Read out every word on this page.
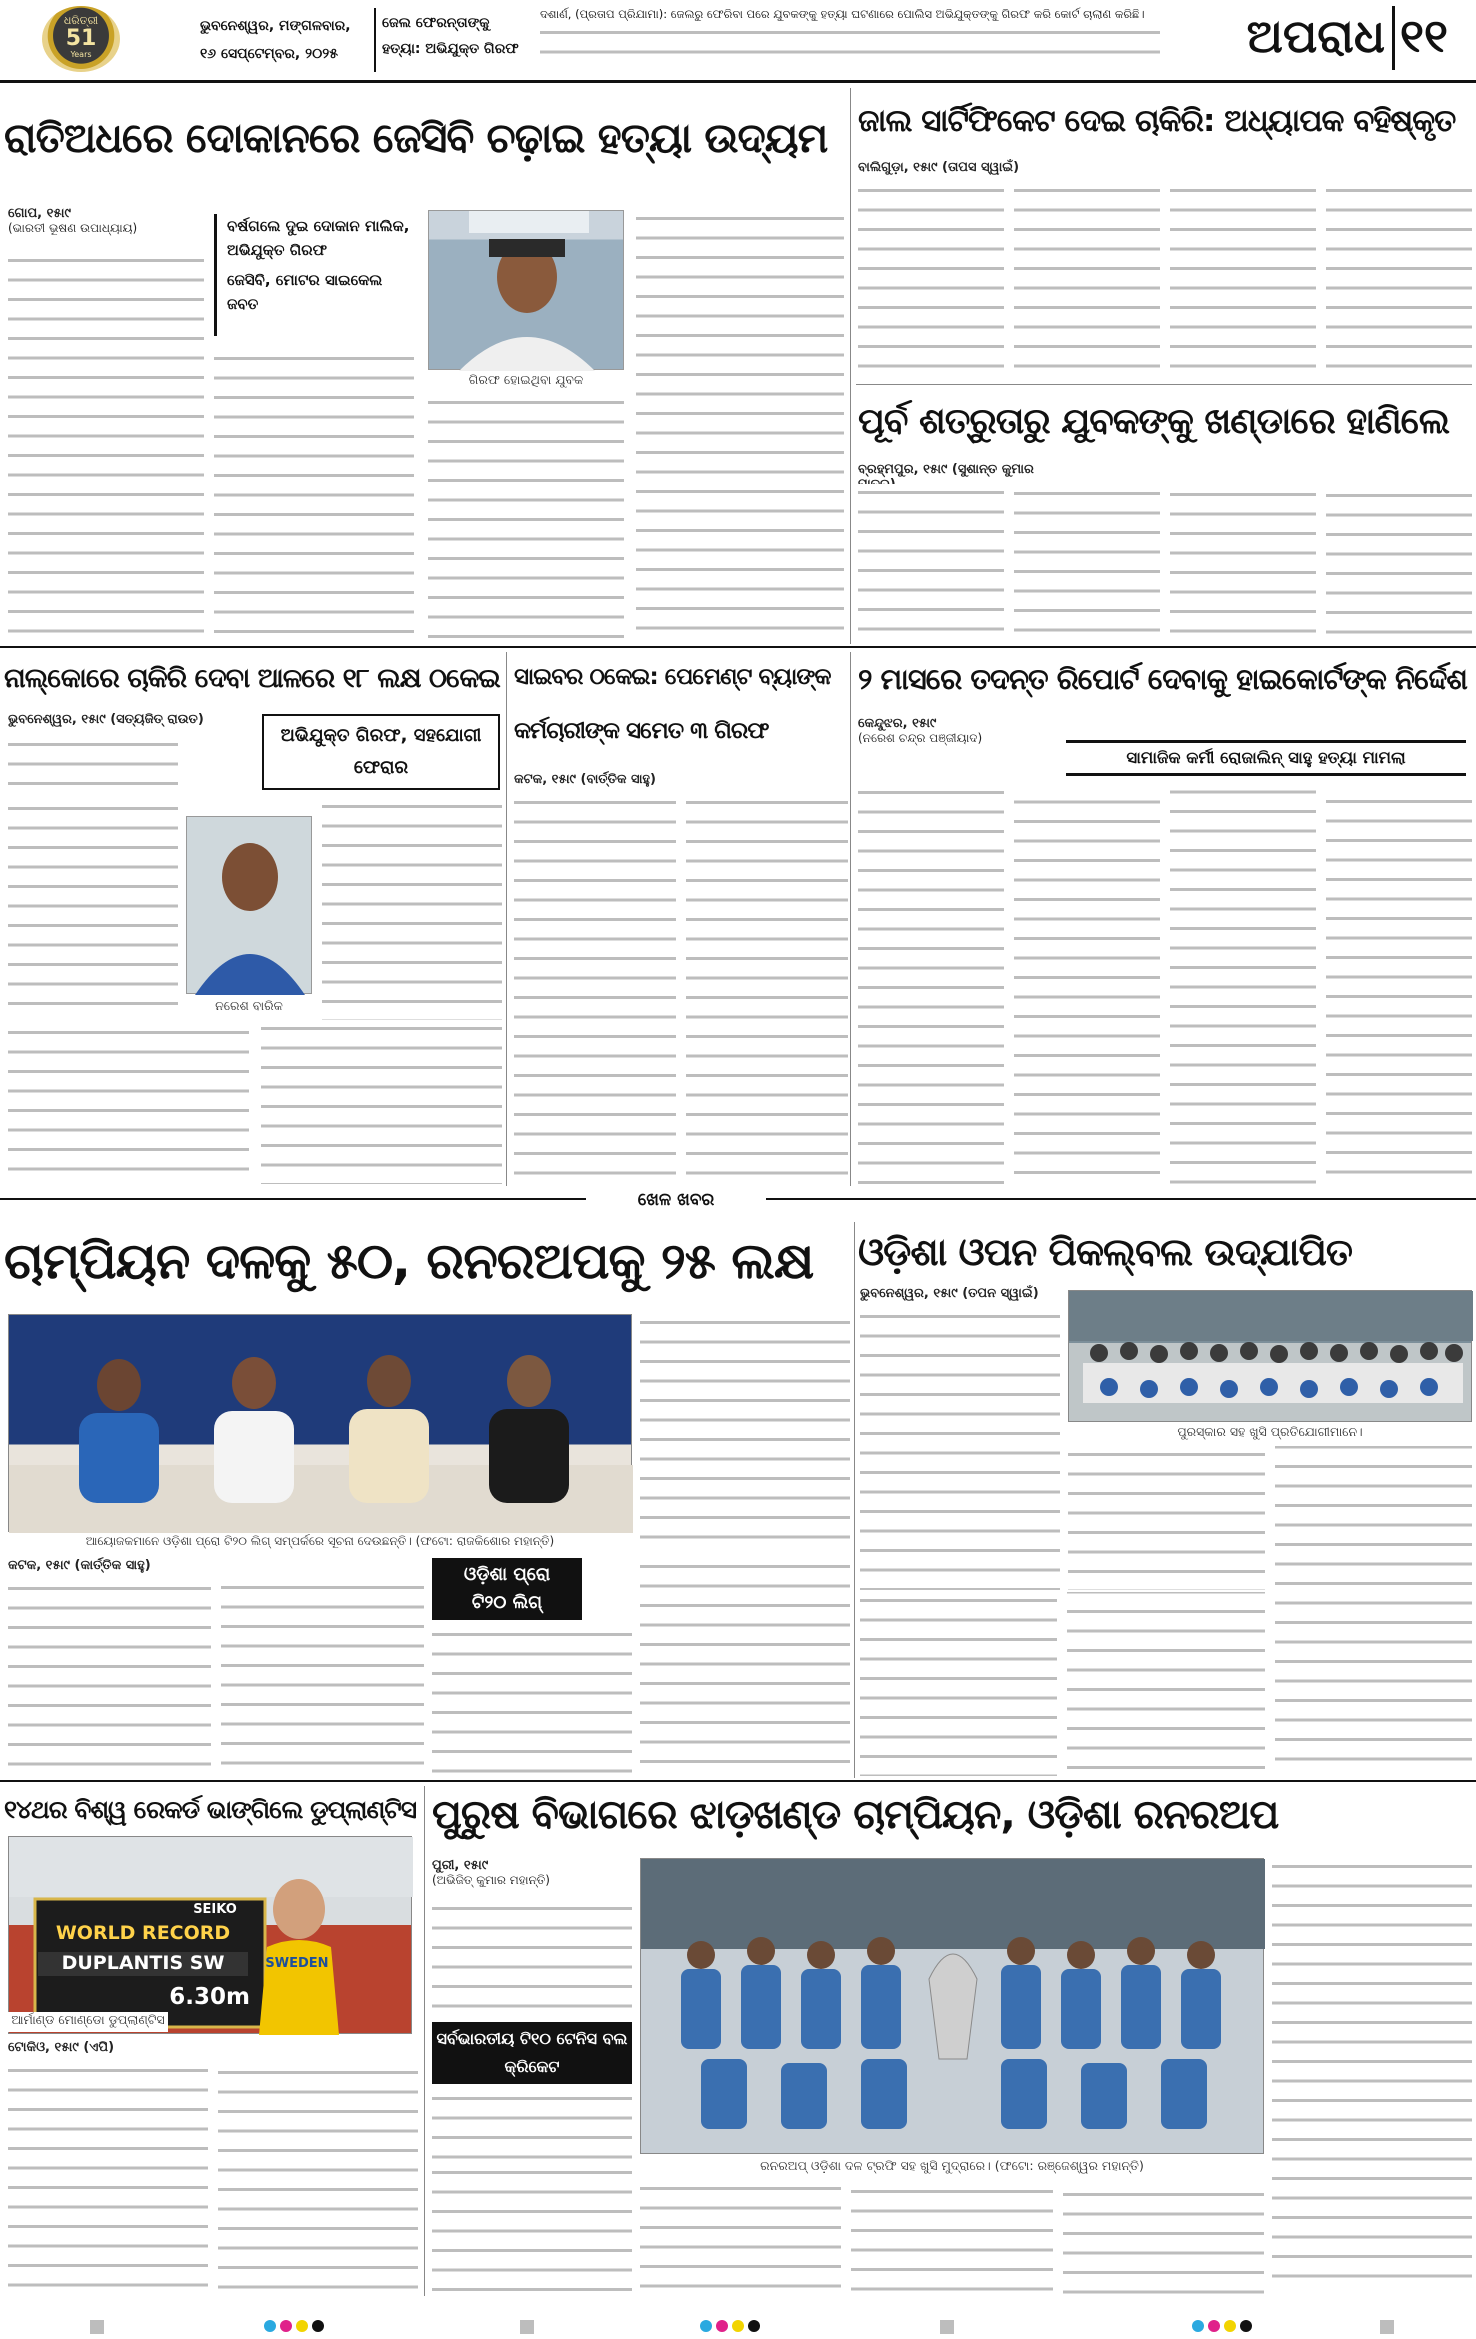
ଧରିତ୍ରୀ
51
Years
ଭୁବନେଶ୍ୱର, ମଙ୍ଗଳବାର,
୧୬ ସେପ୍ଟେମ୍ବର, ୨୦୨୫
ଜେଲ ଫେରନ୍ତାଙ୍କୁ ହତ୍ୟା: ଅଭିଯୁକ୍ତ ଗିରଫ
ଦଶାର୍ଣ, (ପ୍ରତାପ ପ୍ରିଯାମା): ଜେଲରୁ ଫେରିବା ପରେ ଯୁବକଙ୍କୁ ହତ୍ୟା ଘଟଣାରେ ପୋଲିସ ଅଭିଯୁକ୍ତଙ୍କୁ ଗିରଫ କରି କୋର୍ଟ ଚାଲାଣ କରିଛି।	ଅପରାଧ ୧୧
ରାତିଅଧରେ ଦୋକାନରେ ଜେସିବି ଚଢ଼ାଇ ହତ୍ୟା ଉଦ୍ୟମ
ଗୋପ, ୧୫ା୯
(ଭାରତୀ ଭୂଷଣ ଉପାଧ୍ୟାୟ)	ବର୍ଷଗଲେ ଦୁଇ ଦୋକାନ ମାଲିକ, ଅଭିଯୁକ୍ତ ଗିରଫ
ଜେସିବି, ମୋଟର ସାଇକେଲ ଜବତ
ଗିରଫ ହୋଇଥିବା ଯୁବକ
ଜାଲ ସାର୍ଟିଫିକେଟ ଦେଇ ଚାକିରି: ଅଧ୍ୟାପକ ବହିଷ୍କୃତ
ବାଲିଗୁଡ଼ା, ୧୫ା୯ (ତାପସ ସ୍ୱାଇଁ)
ପୂର୍ବ ଶତ୍ରୁତାରୁ ଯୁବକଙ୍କୁ ଖଣ୍ଡାରେ ହାଣିଲେ
ବ୍ରହ୍ମପୁର, ୧୫ା୯ (ସୁଶାନ୍ତ କୁମାର
ନାଲ୍କୋରେ ଚାକିରି ଦେବା ଆଳରେ ୧୮ ଲକ୍ଷ ଠକେଇ
ଭୁବନେଶ୍ୱର, ୧୫ା୯ (ସତ୍ୟଜିତ୍ ରାଉତ)
ଅଭିଯୁକ୍ତ ଗିରଫ, ସହଯୋଗୀ ଫେରାର
ନରେଶ ବାରିକ
ସାଇବର ଠକେଇ: ପେମେଣ୍ଟ ବ୍ୟାଙ୍କ କର୍ମଚାରୀଙ୍କ ସମେତ ୩ ଗିରଫ
କଟକ, ୧୫ା୯ (ବାର୍ତ୍ତିକ ସାହୁ)
୨ ମାସରେ ତଦନ୍ତ ରିପୋର୍ଟ ଦେବାକୁ ହାଇକୋର୍ଟଙ୍କ ନିର୍ଦ୍ଦେଶ
କେନ୍ଦୁଝର, ୧୫ା୯
(ନରେଶ ଚନ୍ଦ୍ର ପଞ୍ଜୀୟାଦ)
ସାମାଜିକ କର୍ମୀ ରୋଜାଲିନ୍ ସାହୁ ହତ୍ୟା ମାମଲା
ଖେଳ ଖବର
ଚାମ୍ପିୟନ ଦଳକୁ ୫୦, ରନରଅପକୁ ୨୫ ଲକ୍ଷ
ଆୟୋଜକମାନେ ଓଡ଼ିଶା ପ୍ରୋ ଟି୨୦ ଲିଗ୍ ସମ୍ପର୍କରେ ସୂଚନା ଦେଉଛନ୍ତି। (ଫଟୋ: ରାଜକିଶୋର ମହାନ୍ତି)
କଟକ, ୧୫ା୯ (କାର୍ତ୍ତିକ ସାହୁ)	ଓଡ଼ିଶା ପ୍ରୋ
ଟି୨୦ ଲିଗ୍
ଓଡ଼ିଶା ଓପନ ପିକଲ୍‌ବଲ ଉଦ୍‌ଯାପିତ
ଭୁବନେଶ୍ୱର, ୧୫ା୯ (ତପନ ସ୍ୱାଇଁ)
ପୁରସ୍କାର ସହ ଖୁସି ପ୍ରତିଯୋଗୀମାନେ।
୧୪ଥର ବିଶ୍ୱ ରେକର୍ଡ ଭାଙ୍ଗିଲେ ଡୁପ୍ଲାଣ୍ଟିସ
SEIKO
WORLD RECORD
DUPLANTIS SW
6.30m
SWEDEN
ଆର୍ମାଣ୍ଡ ମୋଣ୍ଡୋ ଡୁପ୍ଲାଣ୍ଟିସ
ଟୋକିଓ, ୧୫ା୯ (ଏପି)
ପୁରୁଷ ବିଭାଗରେ ଝାଡ଼ଖଣ୍ଡ ଚାମ୍ପିୟନ, ଓଡ଼ିଶା ରନରଅପ
ପୁରୀ, ୧୫ା୯
(ଅଭିଜିତ୍ କୁମାର ମହାନ୍ତି)
ସର୍ବଭାରତୀୟ ଟି୧୦ ଟେନିସ ବଲ କ୍ରିକେଟ
ରନରଅପ୍ ଓଡ଼ିଶା ଦଳ ଟ୍ରଫି ସହ ଖୁସି ମୁଦ୍ରାରେ। (ଫଟୋ: ରଞ୍ଜେଶ୍ୱର ମହାନ୍ତି)
